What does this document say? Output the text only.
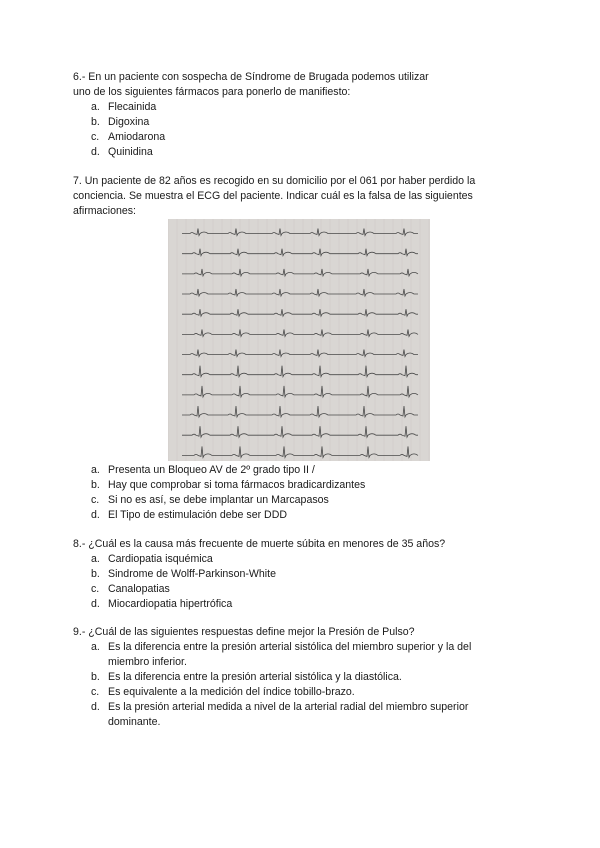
6.- En un paciente con sospecha de Síndrome de Brugada podemos utilizar
uno de los siguientes fármacos para ponerlo de manifiesto:

a. Flecainida
b. Digoxina
c. Amiodarona
d. Quinidina

7. Un paciente de 82 años es recogido en su domicilio por el 061 por haber perdido la
conciencia. Se muestra el ECG del paciente. Indicar cuál es la falsa de las siguientes
afirmaciones:

a. Presenta un Bloqueo AV de 2º grado tipo II /
b. Hay que comprobar si toma fármacos bradicardizantes
c. Si no es así, se debe implantar un Marcapasos
d. El Tipo de estimulación debe ser DDD

8.- ¿Cuál es la causa más frecuente de muerte súbita en menores de 35 años?

a. Cardiopatia isquémica
b. Sindrome de Wolff-Parkinson-White
c. Canalopatias
d. Miocardiopatia hipertrófica

9.- ¿Cuál de las siguientes respuestas define mejor la Presión de Pulso?

a. Es la diferencia entre la presión arterial sistólica del miembro superior y la del miembro inferior.
b. Es la diferencia entre la presión arterial sistólica y la diastólica.
c. Es equivalente a la medición del índice tobillo-brazo.
d. Es la presión arterial medida a nivel de la arterial radial del miembro superior dominante.
